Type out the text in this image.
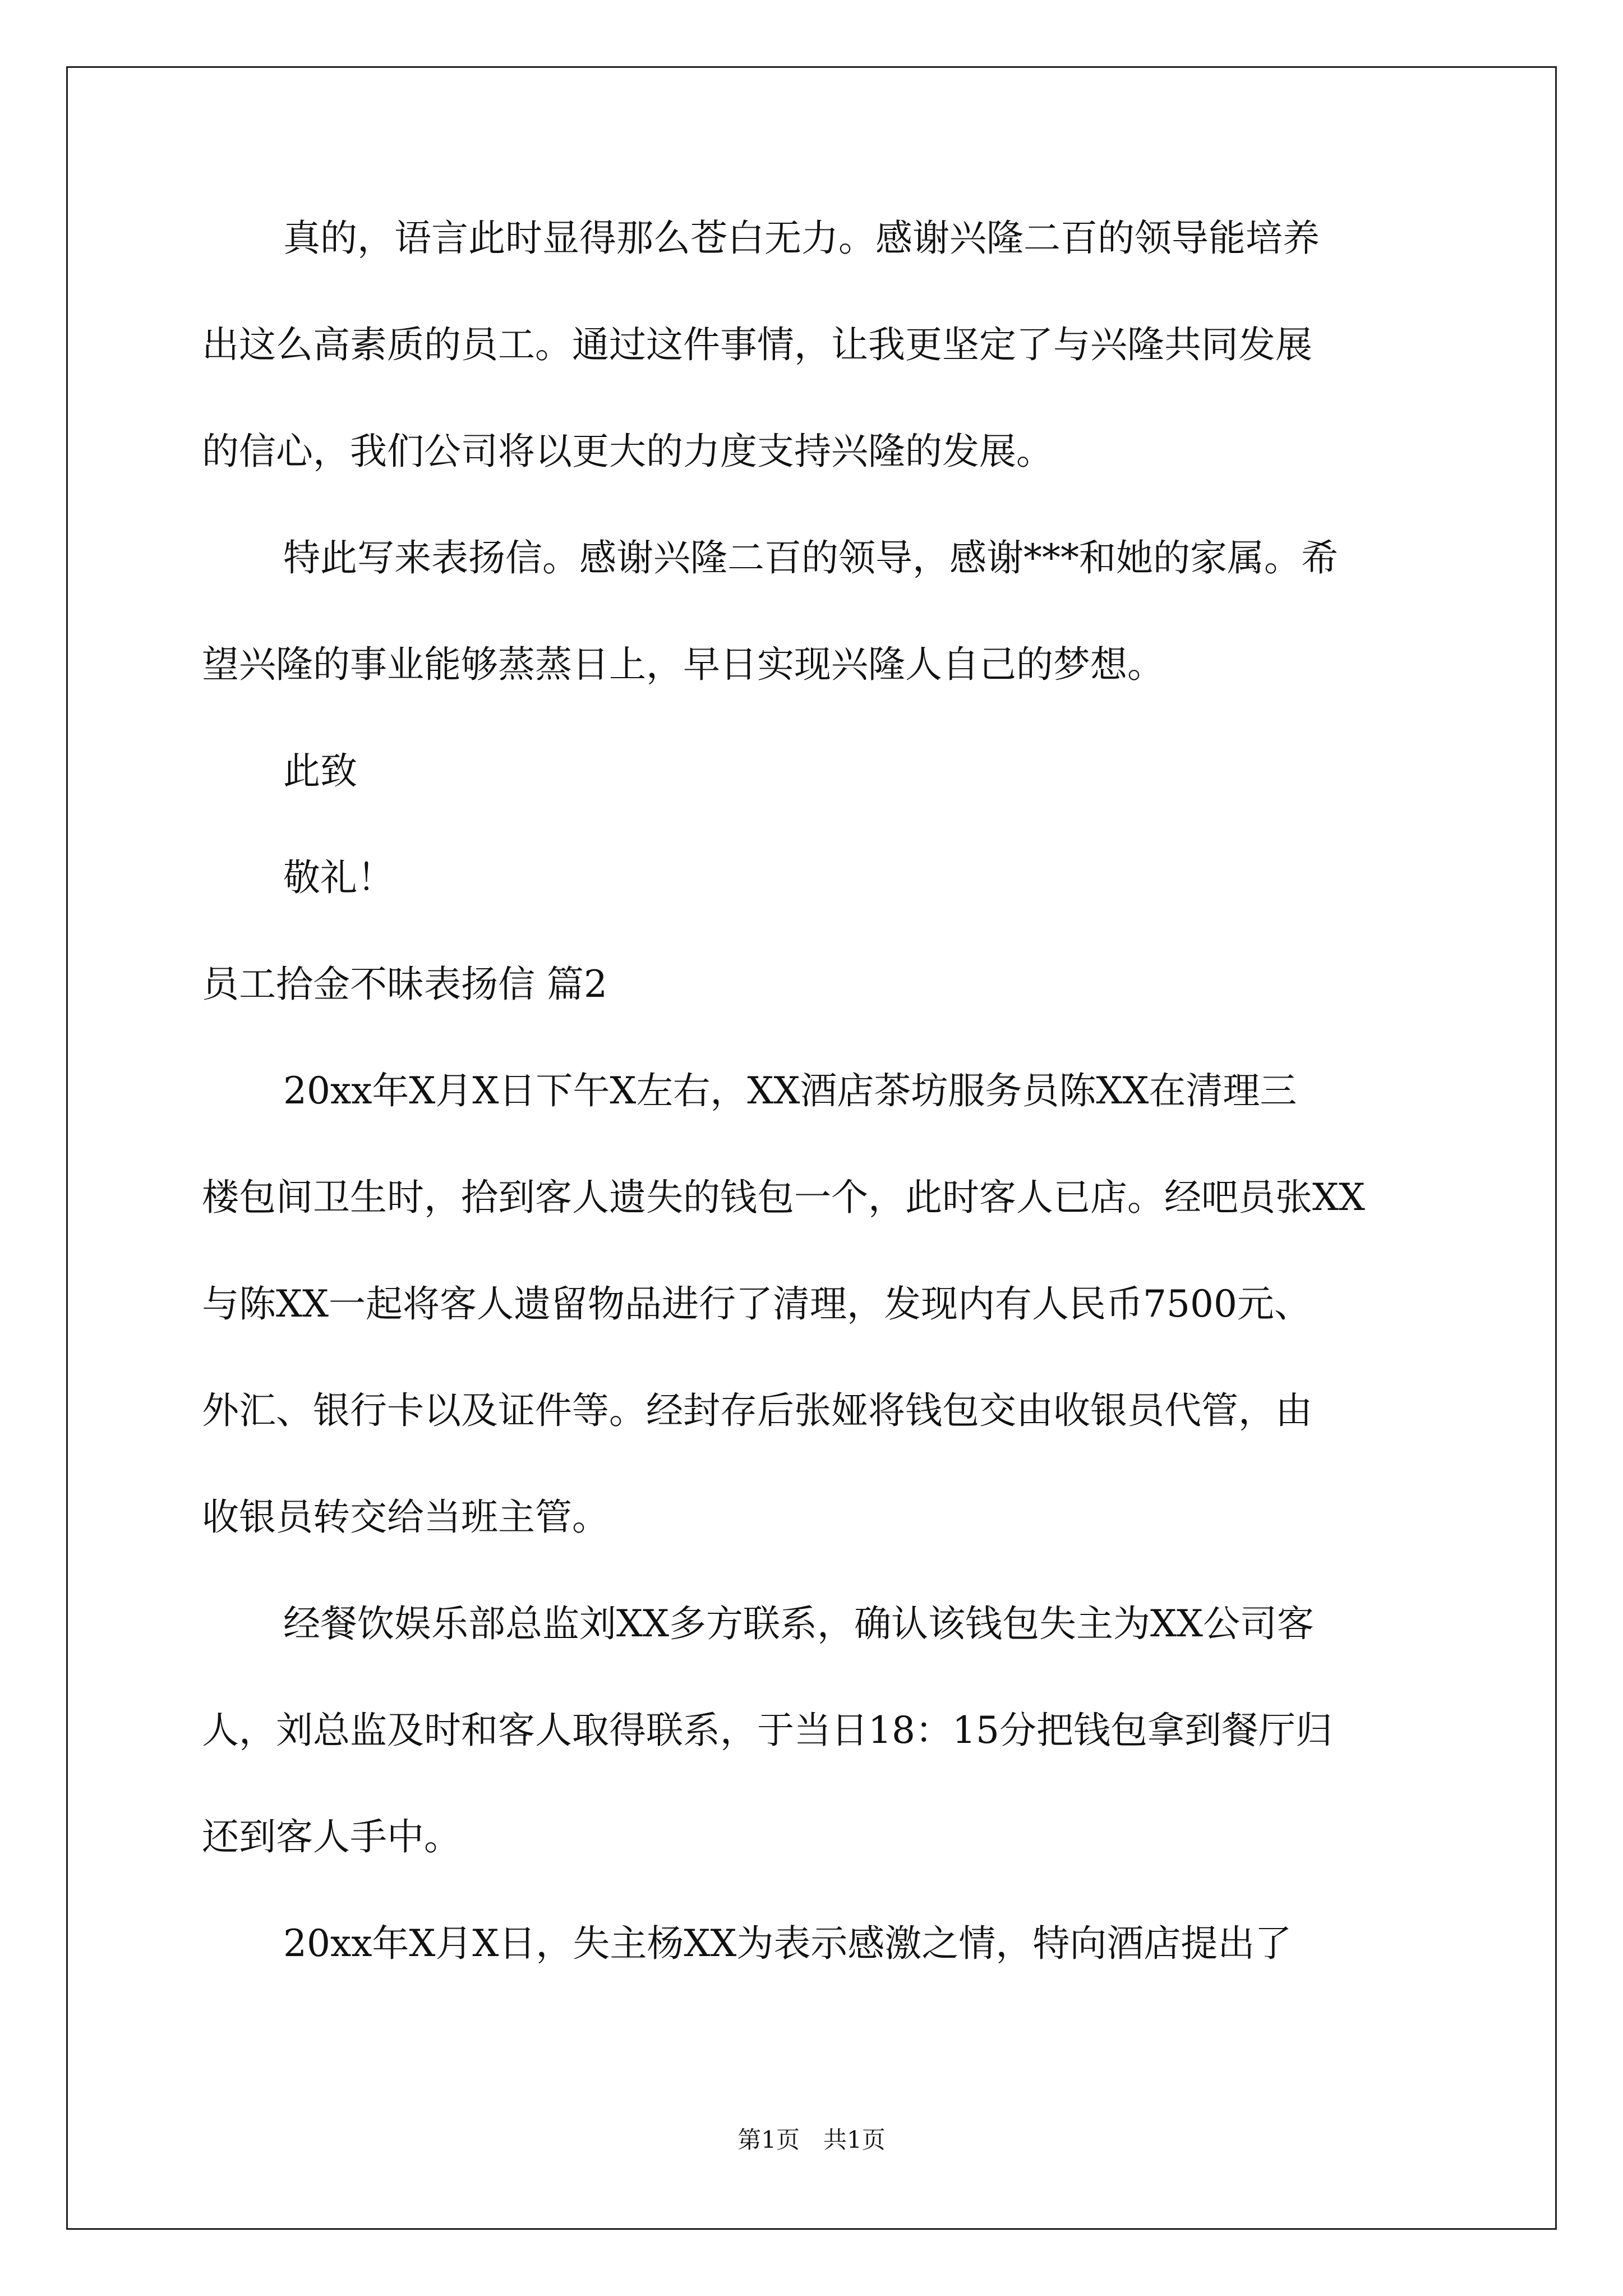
真的，语言此时显得那么苍白无力。感谢兴隆二百的领导能培养
出这么高素质的员工。通过这件事情，让我更坚定了与兴隆共同发展
的信心，我们公司将以更大的力度支持兴隆的发展。
特此写来表扬信。感谢兴隆二百的领导，感谢***和她的家属。希
望兴隆的事业能够蒸蒸日上，早日实现兴隆人自己的梦想。
此致
敬礼！
员工拾金不昧表扬信 篇2
20xx年X月X日下午X左右，XX酒店茶坊服务员陈XX在清理三
楼包间卫生时，拾到客人遗失的钱包一个，此时客人已店。经吧员张XX
与陈XX一起将客人遗留物品进行了清理，发现内有人民币7500元、
外汇、银行卡以及证件等。经封存后张娅将钱包交由收银员代管，由
收银员转交给当班主管。
经餐饮娱乐部总监刘XX多方联系，确认该钱包失主为XX公司客
人，刘总监及时和客人取得联系，于当日18：15分把钱包拿到餐厅归
还到客人手中。
20xx年X月X日，失主杨XX为表示感激之情，特向酒店提出了
第1页　共1页
